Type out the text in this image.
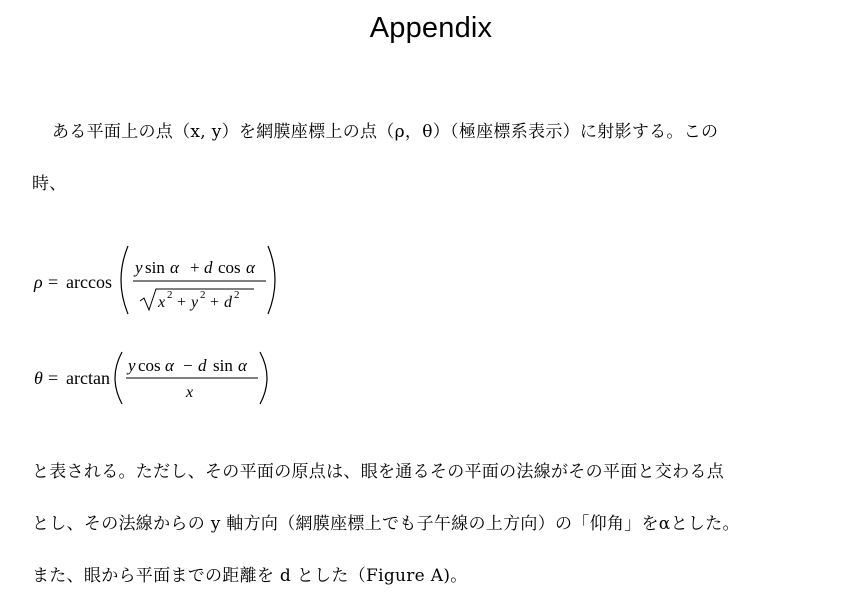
Appendix
ある平面上の点（x, y）を網膜座標上の点（ρ，θ）（極座標系表示）に射影する。この
時、
ρ = arccos
y sin α + d cos α
x 2 + y 2 + d 2
θ = arctan
y cos α − d sin α
x
と表される。ただし、その平面の原点は、眼を通るその平面の法線がその平面と交わる点
とし、その法線からの y 軸方向（網膜座標上でも子午線の上方向）の「仰角」をαとした。
また、眼から平面までの距離を d とした（Figure A)。
